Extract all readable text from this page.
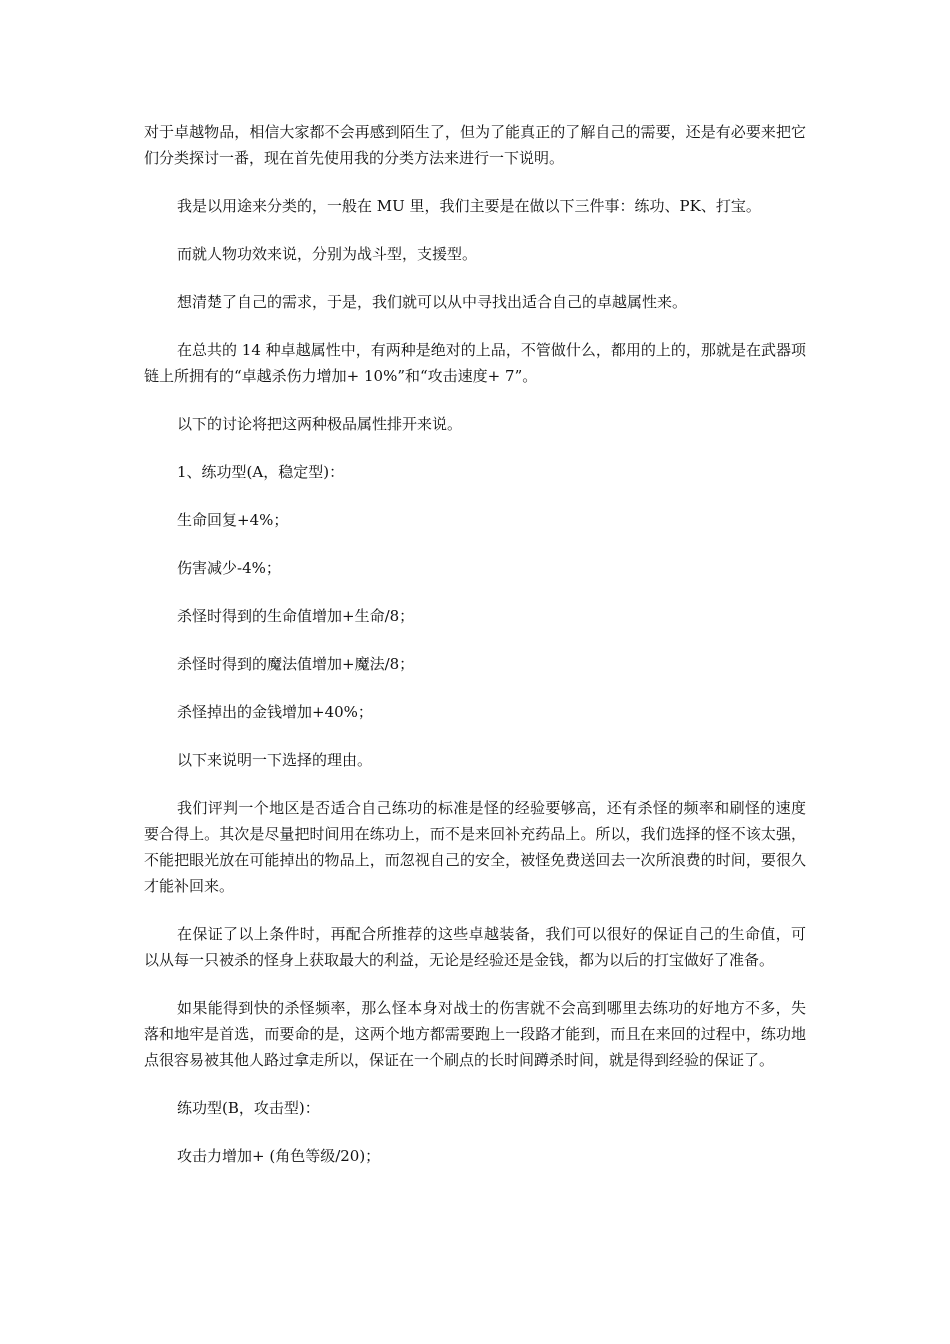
对于卓越物品，相信大家都不会再感到陌生了，但为了能真正的了解自己的需要，还是有必要来把它们分类探讨一番，现在首先使用我的分类方法来进行一下说明。

我是以用途来分类的，一般在 MU 里，我们主要是在做以下三件事：练功、PK、打宝。

而就人物功效来说，分别为战斗型，支援型。

想清楚了自己的需求，于是，我们就可以从中寻找出适合自己的卓越属性来。

在总共的 14 种卓越属性中，有两种是绝对的上品，不管做什么，都用的上的，那就是在武器项链上所拥有的“卓越杀伤力增加+ 10%”和“攻击速度+ 7”。

以下的讨论将把这两种极品属性排开来说。

1、练功型(A，稳定型)：

生命回复+4%；

伤害减少-4%；

杀怪时得到的生命值增加+生命/8；

杀怪时得到的魔法值增加+魔法/8；

杀怪掉出的金钱增加+40%；

以下来说明一下选择的理由。

我们评判一个地区是否适合自己练功的标准是怪的经验要够高，还有杀怪的频率和刷怪的速度要合得上。其次是尽量把时间用在练功上，而不是来回补充药品上。所以，我们选择的怪不该太强，不能把眼光放在可能掉出的物品上，而忽视自己的安全，被怪免费送回去一次所浪费的时间，要很久才能补回来。

在保证了以上条件时，再配合所推荐的这些卓越装备，我们可以很好的保证自己的生命值，可以从每一只被杀的怪身上获取最大的利益，无论是经验还是金钱，都为以后的打宝做好了准备。

如果能得到快的杀怪频率，那么怪本身对战士的伤害就不会高到哪里去练功的好地方不多，失落和地牢是首选，而要命的是，这两个地方都需要跑上一段路才能到，而且在来回的过程中，练功地点很容易被其他人路过拿走所以，保证在一个刷点的长时间蹲杀时间，就是得到经验的保证了。

练功型(B，攻击型)：

攻击力增加+ (角色等级/20)；
